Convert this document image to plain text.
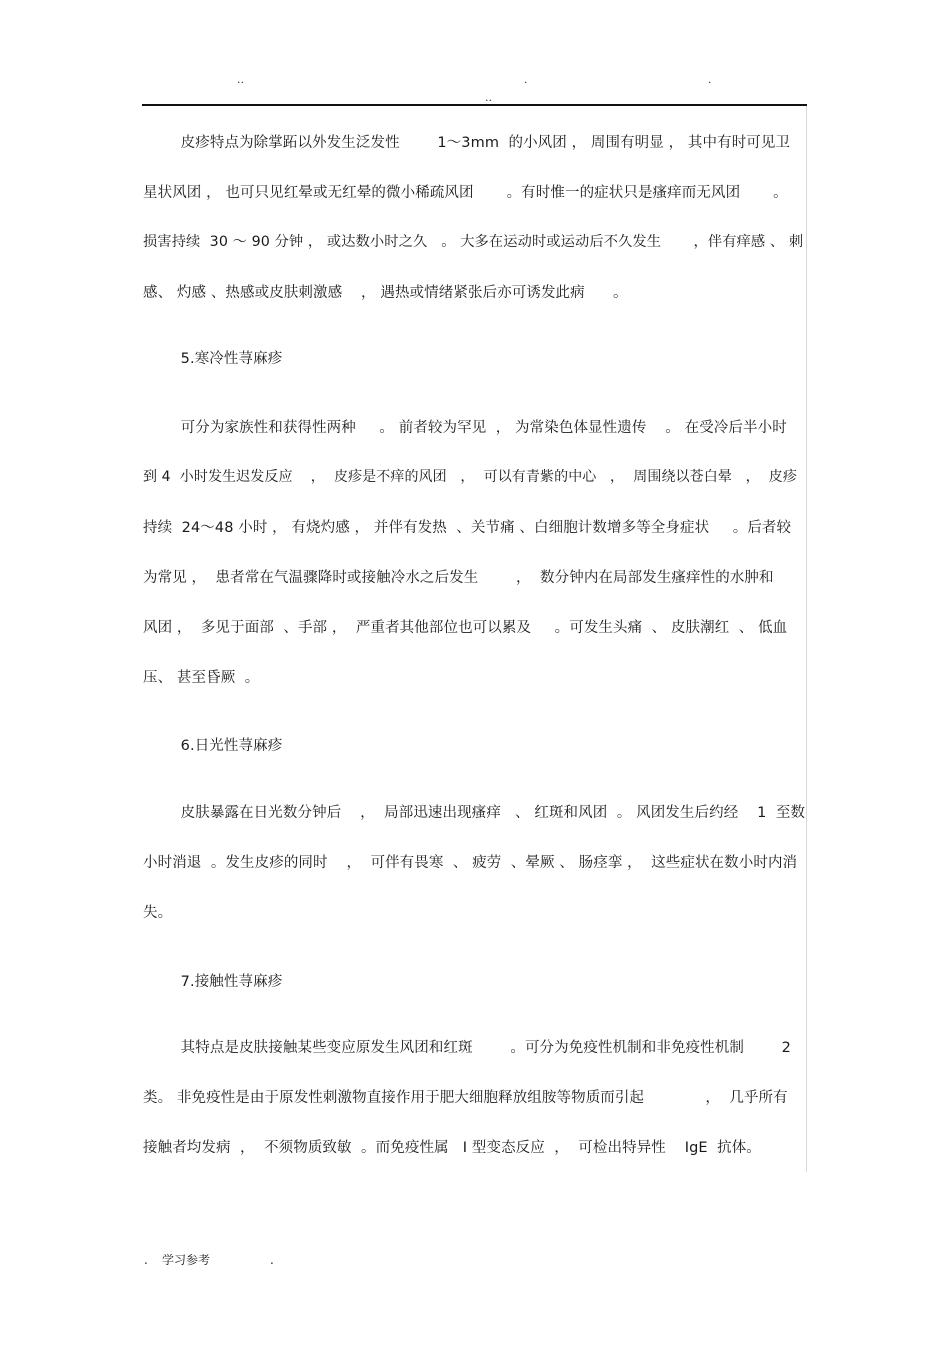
..	.	.
..
皮疹特点为除掌跖以外发生泛发性        1～3mm  的小风团 ， 周围有明显 ， 其中有时可见卫
星状风团 ， 也可只见红晕或无红晕的微小稀疏风团       。有时惟一的症状只是瘙痒而无风团       。
损害持续  30 ～ 90 分钟 ， 或达数小时之久   。 大多在运动时或运动后不久发生       ，伴有痒感 、 刺
感、 灼感 、热感或皮肤刺激感    ， 遇热或情绪紧张后亦可诱发此病      。
5.寒冷性荨麻疹
可分为家族性和获得性两种     。 前者较为罕见  ， 为常染色体显性遗传    。 在受冷后半小时
到 4  小时发生迟发反应    ，  皮疹是不痒的风团   ，  可以有青紫的中心   ，  周围绕以苍白晕   ，  皮疹
持续  24～48 小时 ， 有烧灼感 ， 并伴有发热  、关节痛 、白细胞计数增多等全身症状     。后者较
为常见 ，  患者常在气温骤降时或接触冷水之后发生        ，  数分钟内在局部发生瘙痒性的水肿和
风团 ，  多见于面部  、手部 ，  严重者其他部位也可以累及     。可发生头痛  、 皮肤潮红  、 低血
压、 甚至昏厥  。
6.日光性荨麻疹
皮肤暴露在日光数分钟后    ，  局部迅速出现瘙痒   、 红斑和风团  。 风团发生后约经    1  至数
小时消退  。发生皮疹的同时    ，  可伴有畏寒  、 疲劳  、晕厥 、 肠痉挛 ，  这些症状在数小时内消
失。
7.接触性荨麻疹
其特点是皮肤接触某些变应原发生风团和红斑        。可分为免疫性机制和非免疫性机制        2
类。 非免疫性是由于原发性刺激物直接作用于肥大细胞释放组胺等物质而引起             ，  几乎所有
接触者均发病  ，  不须物质致敏  。而免疫性属   Ⅰ 型变态反应  ，  可检出特异性    IgE  抗体。
. 学习参考	.
